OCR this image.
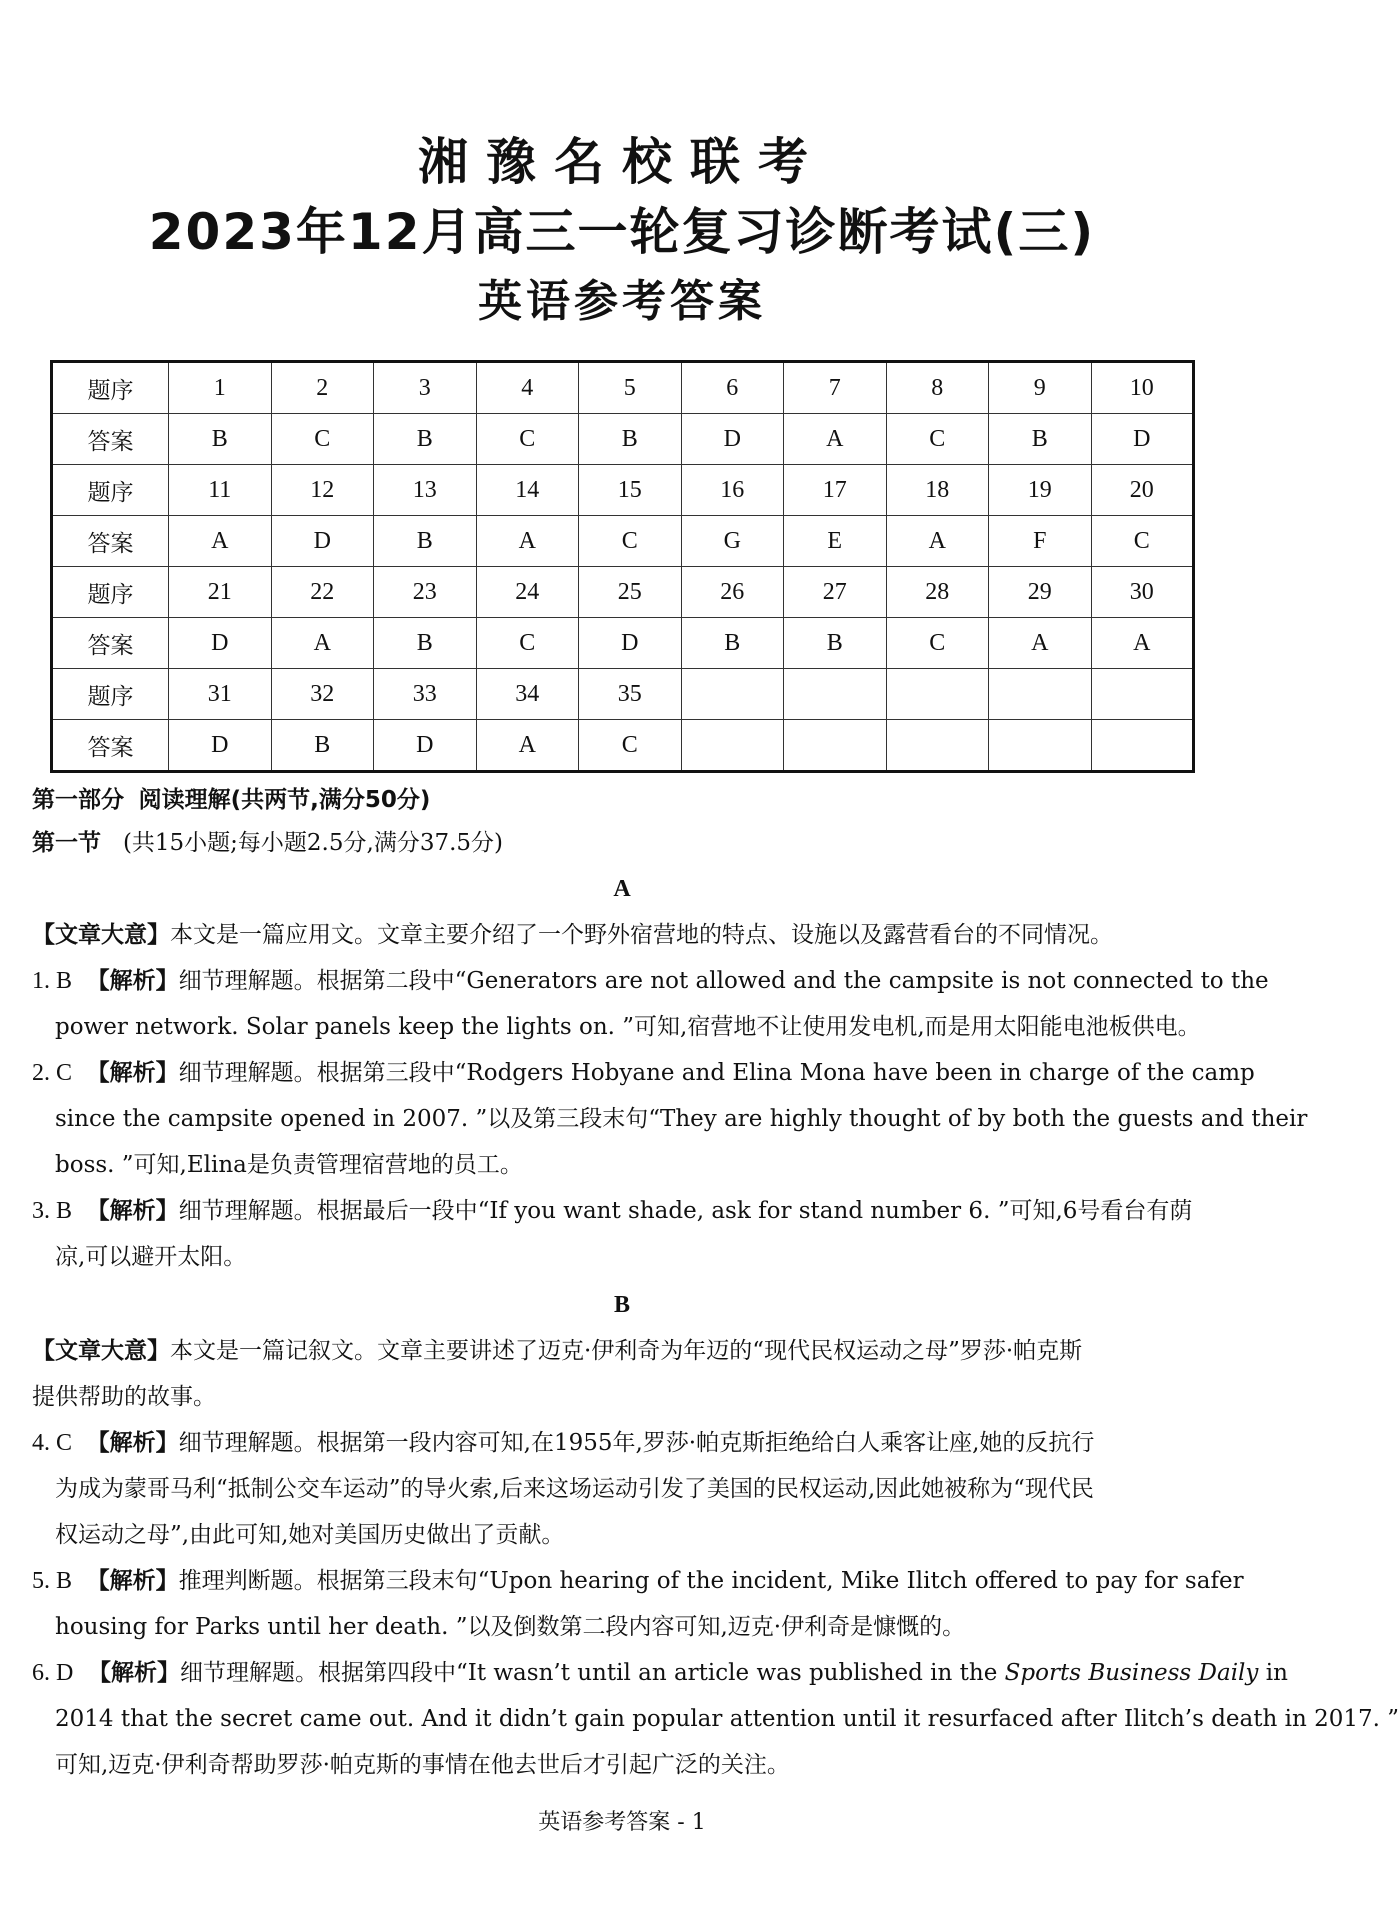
湘豫名校联考
2023年12月高三一轮复习诊断考试(三)
英语参考答案
题序	1	2	3	4	5	6	7	8	9	10
答案	B	C	B	C	B	D	A	C	B	D
题序	11	12	13	14	15	16	17	18	19	20
答案	A	D	B	A	C	G	E	A	F	C
题序	21	22	23	24	25	26	27	28	29	30
答案	D	A	B	C	D	B	B	C	A	A
题序	31	32	33	34	35					
答案	D	B	D	A	C					
第一部分 阅读理解(共两节,满分50分)
第一节 (共15小题;每小题2.5分,满分37.5分)
A
【文章大意】本文是一篇应用文。文章主要介绍了一个野外宿营地的特点、设施以及露营看台的不同情况。
1. B 【解析】细节理解题。根据第二段中“Generators are not allowed and the campsite is not connected to the
power network. Solar panels keep the lights on. ”可知,宿营地不让使用发电机,而是用太阳能电池板供电。
2. C 【解析】细节理解题。根据第三段中“Rodgers Hobyane and Elina Mona have been in charge of the camp
since the campsite opened in 2007. ”以及第三段末句“They are highly thought of by both the guests and their
boss. ”可知,Elina是负责管理宿营地的员工。
3. B 【解析】细节理解题。根据最后一段中“If you want shade, ask for stand number 6. ”可知,6号看台有荫
凉,可以避开太阳。
B
【文章大意】本文是一篇记叙文。文章主要讲述了迈克·伊利奇为年迈的“现代民权运动之母”罗莎·帕克斯
提供帮助的故事。
4. C 【解析】细节理解题。根据第一段内容可知,在1955年,罗莎·帕克斯拒绝给白人乘客让座,她的反抗行
为成为蒙哥马利“抵制公交车运动”的导火索,后来这场运动引发了美国的民权运动,因此她被称为“现代民
权运动之母”,由此可知,她对美国历史做出了贡献。
5. B 【解析】推理判断题。根据第三段末句“Upon hearing of the incident, Mike Ilitch offered to pay for safer
housing for Parks until her death. ”以及倒数第二段内容可知,迈克·伊利奇是慷慨的。
6. D 【解析】细节理解题。根据第四段中“It wasn’t until an article was published in the Sports Business Daily in
2014 that the secret came out. And it didn’t gain popular attention until it resurfaced after Ilitch’s death in 2017. ”
可知,迈克·伊利奇帮助罗莎·帕克斯的事情在他去世后才引起广泛的关注。
英语参考答案 - 1
